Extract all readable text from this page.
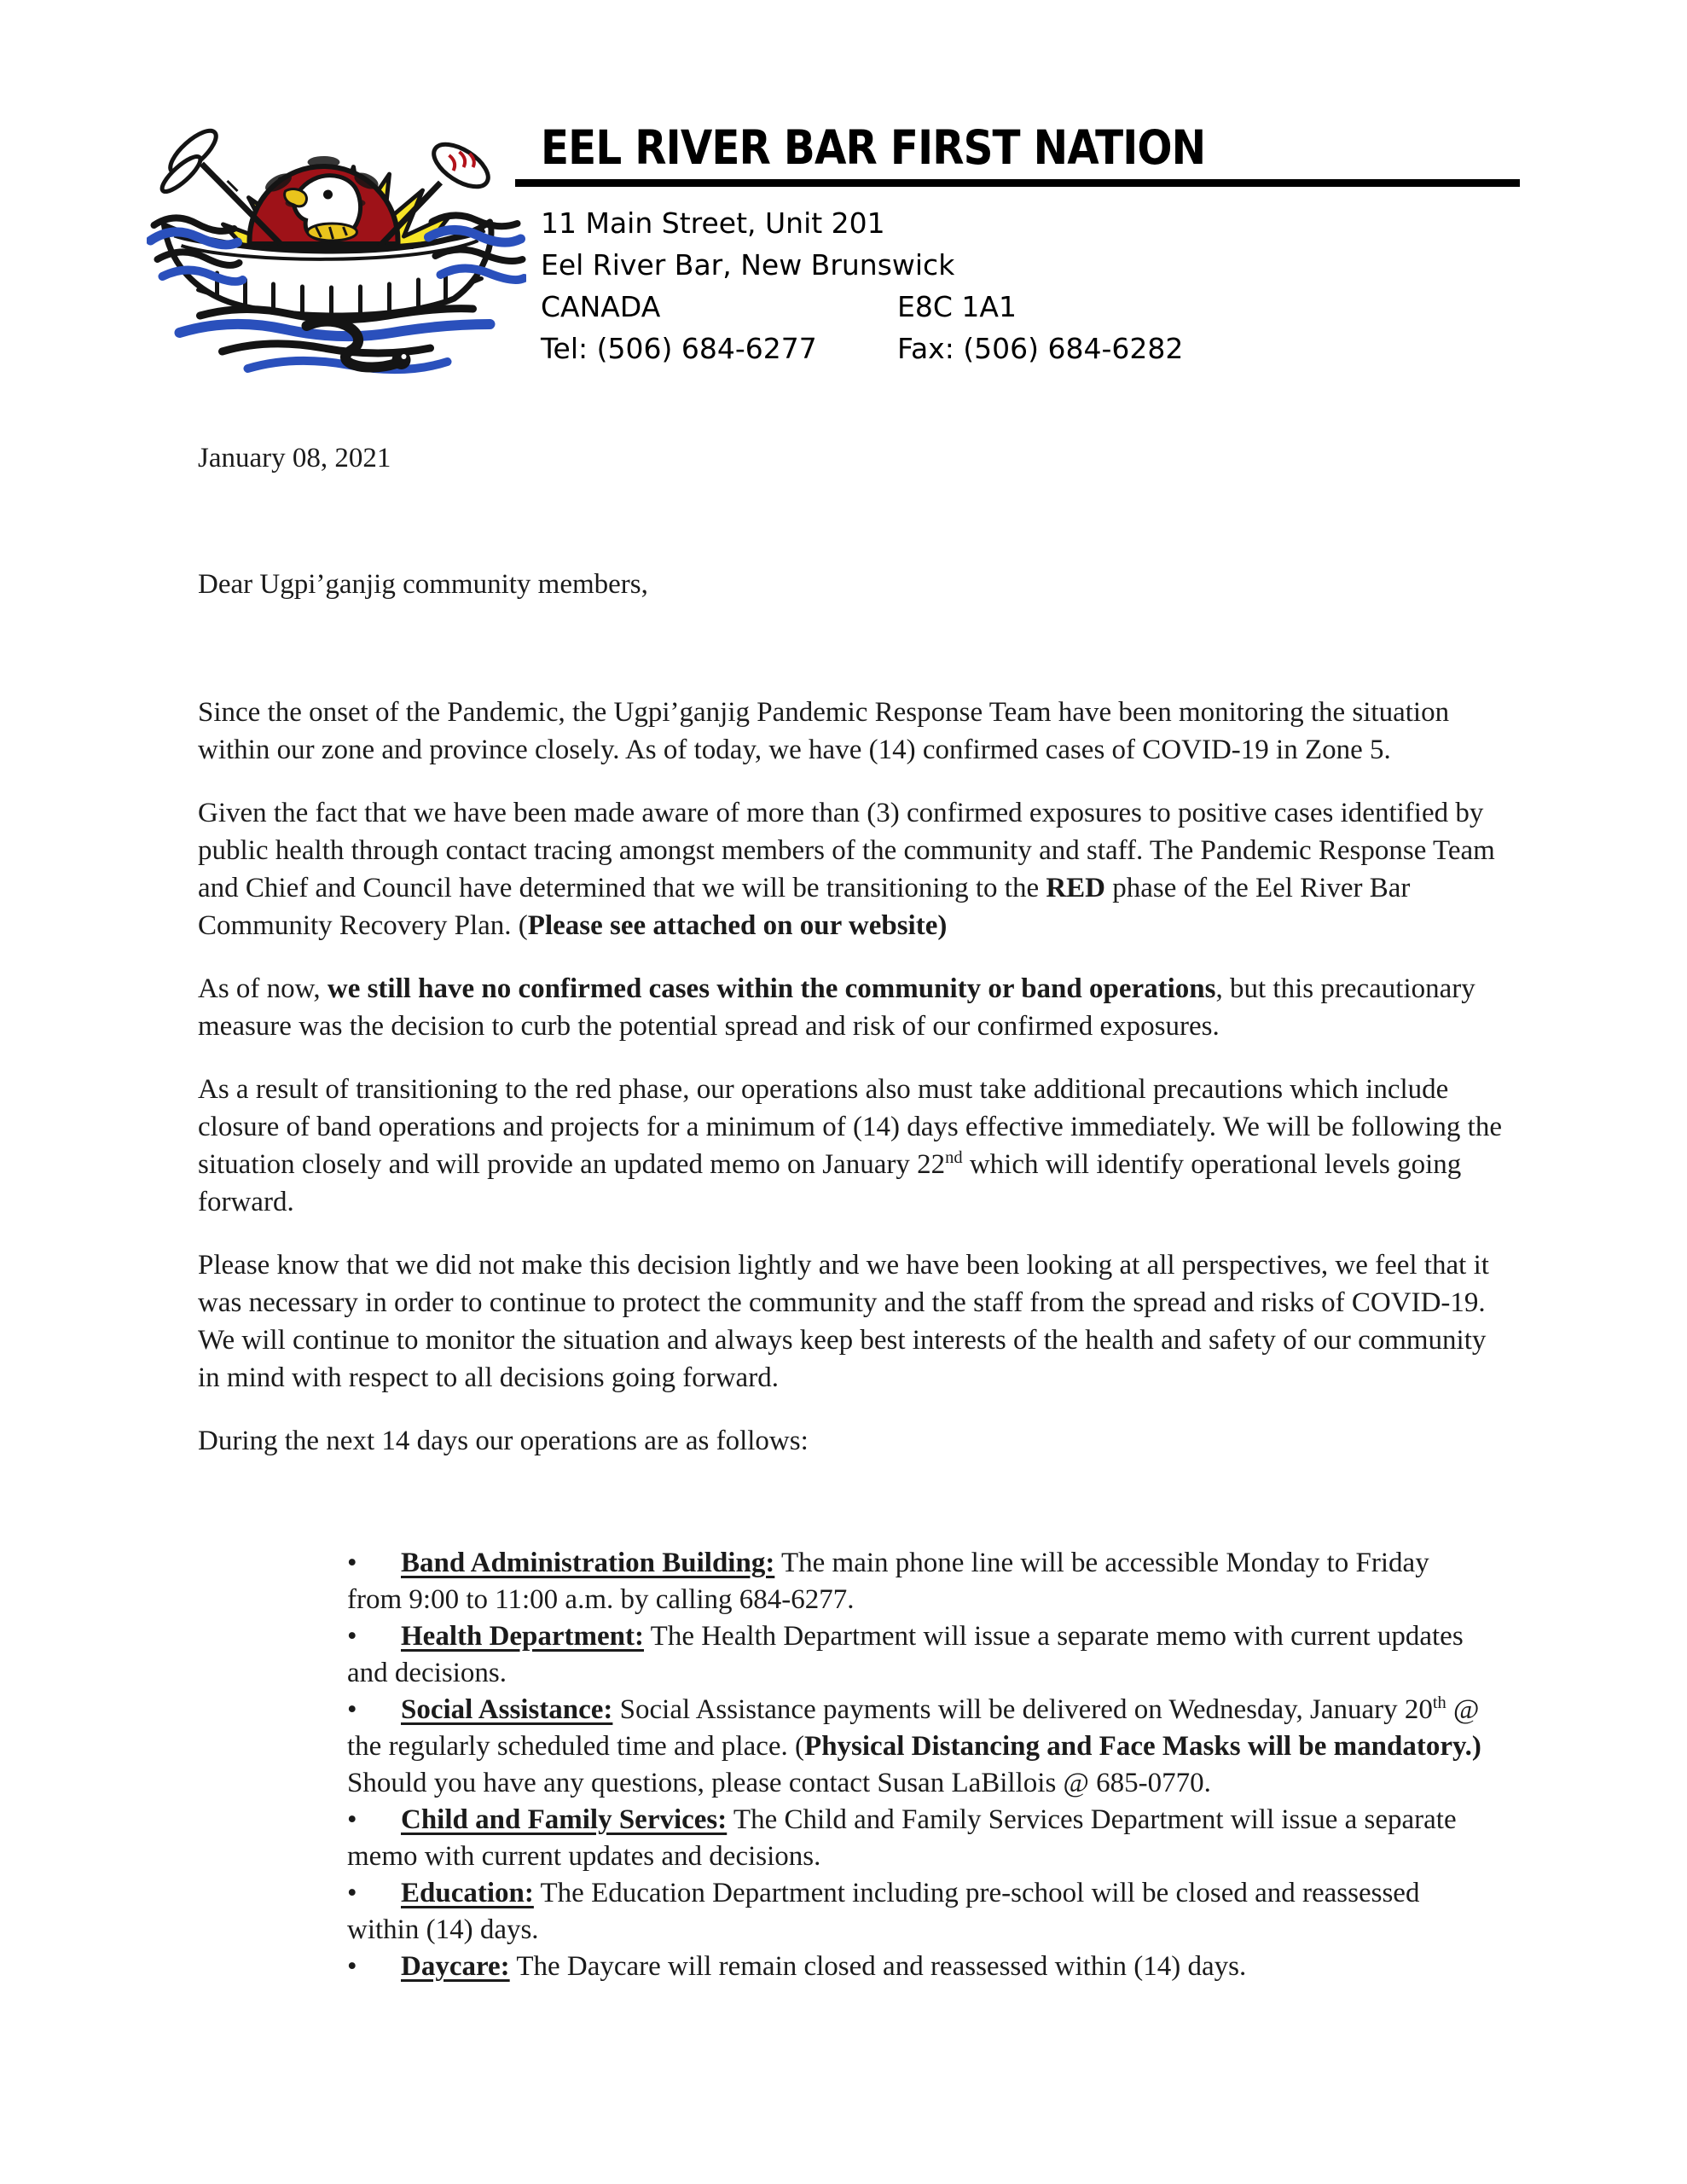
EEL RIVER BAR FIRST NATION
11 Main Street, Unit 201
Eel River Bar, New Brunswick
CANADA	E8C 1A1
Tel: (506) 684-6277	Fax: (506) 684-6282

January 08, 2021

Dear Ugpi’ganjig community members,

Since the onset of the Pandemic, the Ugpi’ganjig Pandemic Response Team have been monitoring the situation within our zone and province closely. As of today, we have (14) confirmed cases of COVID-19 in Zone 5.

Given the fact that we have been made aware of more than (3) confirmed exposures to positive cases identified by public health through contact tracing amongst members of the community and staff. The Pandemic Response Team and Chief and Council have determined that we will be transitioning to the RED phase of the Eel River Bar Community Recovery Plan. (Please see attached on our website)

As of now, we still have no confirmed cases within the community or band operations, but this precautionary measure was the decision to curb the potential spread and risk of our confirmed exposures.

As a result of transitioning to the red phase, our operations also must take additional precautions which include closure of band operations and projects for a minimum of (14) days effective immediately. We will be following the situation closely and will provide an updated memo on January 22nd which will identify operational levels going forward.

Please know that we did not make this decision lightly and we have been looking at all perspectives, we feel that it was necessary in order to continue to protect the community and the staff from the spread and risks of COVID-19. We will continue to monitor the situation and always keep best interests of the health and safety of our community in mind with respect to all decisions going forward.

During the next 14 days our operations are as follows:

• Band Administration Building: The main phone line will be accessible Monday to Friday from 9:00 to 11:00 a.m. by calling 684-6277.
• Health Department: The Health Department will issue a separate memo with current updates and decisions.
• Social Assistance: Social Assistance payments will be delivered on Wednesday, January 20th @ the regularly scheduled time and place. (Physical Distancing and Face Masks will be mandatory.) Should you have any questions, please contact Susan LaBillois @ 685-0770.
• Child and Family Services: The Child and Family Services Department will issue a separate memo with current updates and decisions.
• Education: The Education Department including pre-school will be closed and reassessed within (14) days.
• Daycare: The Daycare will remain closed and reassessed within (14) days.
